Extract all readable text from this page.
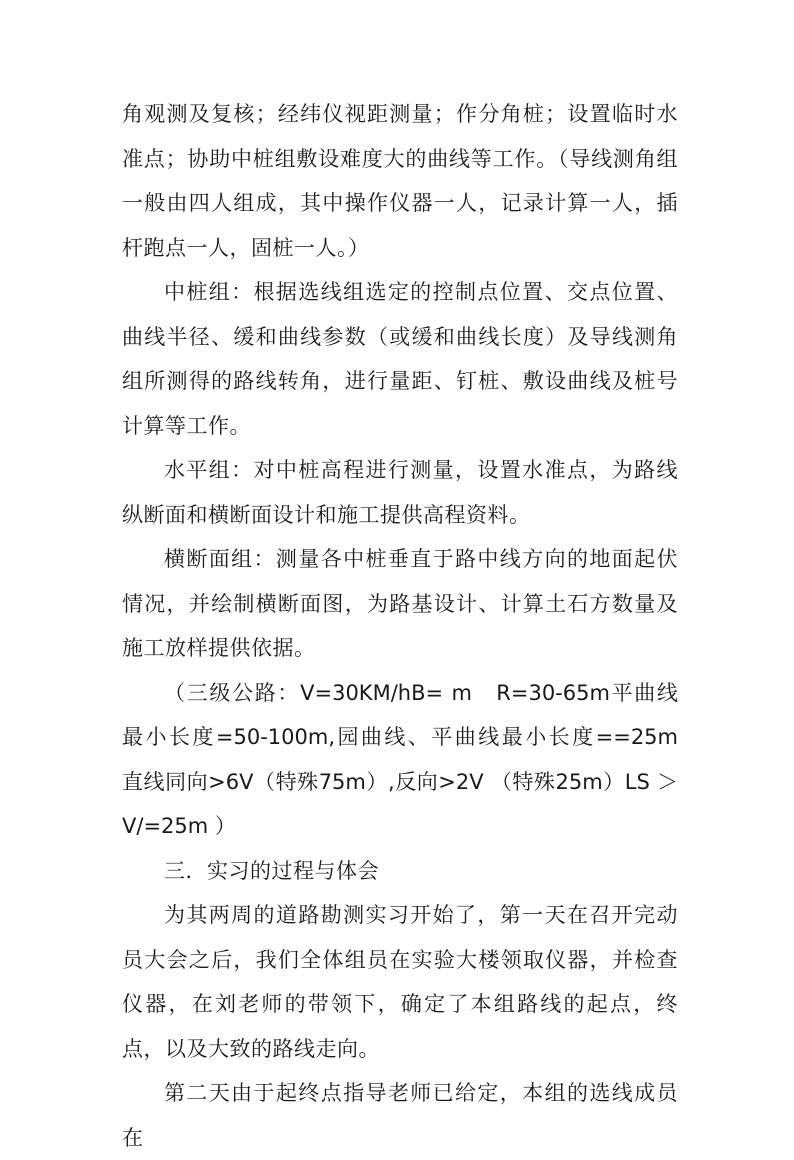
角观测及复核；经纬仪视距测量；作分角桩；设置临时水准点；协助中桩组敷设难度大的曲线等工作。（导线测角组一般由四人组成，其中操作仪器一人，记录计算一人，插杆跑点一人，固桩一人。）

中桩组：根据选线组选定的控制点位置、交点位置、曲线半径、缓和曲线参数（或缓和曲线长度）及导线测角组所测得的路线转角，进行量距、钉桩、敷设曲线及桩号计算等工作。

水平组：对中桩高程进行测量，设置水准点，为路线纵断面和横断面设计和施工提供高程资料。

横断面组：测量各中桩垂直于路中线方向的地面起伏情况，并绘制横断面图，为路基设计、计算土石方数量及施工放样提供依据。

（三级公路：V=30KM/hB= m　R=30-65m平曲线最小长度=50-100m,园曲线、平曲线最小长度==25m　直线同向>6V（特殊75m）,反向>2V （特殊25m）LS ＞ V/=25m ）

三．实习的过程与体会

为其两周的道路勘测实习开始了，第一天在召开完动员大会之后，我们全体组员在实验大楼领取仪器，并检查仪器，在刘老师的带领下，确定了本组路线的起点，终点，以及大致的路线走向。

第二天由于起终点指导老师已给定，本组的选线成员在
